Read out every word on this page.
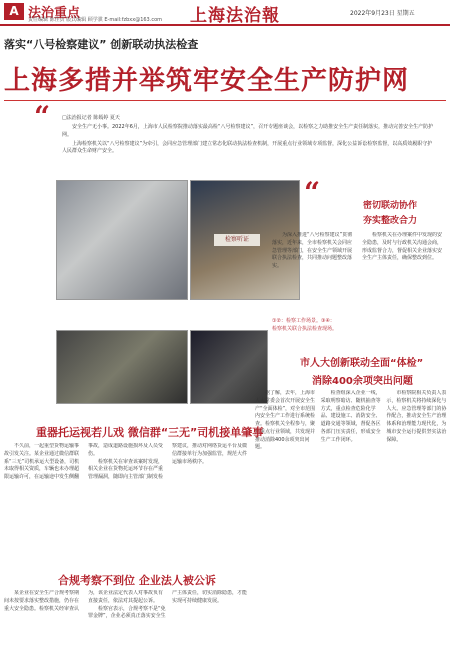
A 法治重点
责任编辑 陈佳贞 版式编辑 顾学骐 E-mail:fzbxx@163.com 上海法治報	2022年9月23日 星期五
落实“八号检察建议” 创新联动执法检查
上海多措并举筑牢安全生产防护网
“ □法治报记者 陈嫣婷 夏天

安全生产无小事。2022年6月，上海市人民检察院推动落实最高检“八号检察建议”，召开专题座谈会，以检察之力助推安全生产责任制落实，推动完善安全生产防护网。

上海检察机关以“八号检察建议”为牵引，会同应急管理部门建立常态化联动执法检查机制，开展重点行业领域专项监督，深化公益诉讼检察监督，以高质效履职守护人民群众生命财产安全。

检察听证
①②：检察工作场景。③④：检察机关联合执法检查现场。
“	密切联动协作
夯实整改合力

为深入推进“八号检察建议”贯彻落实，近年来，全市检察机关会同应急管理等部门，在安全生产领域开展联合执法检查，共同推动问题整改落实。

检察机关在办理案件中发现的安全隐患，及时与行政机关沟通会商，形成监督合力，督促相关企业落实安全生产主体责任，确保整改到位。

市人大创新联动全面“体检”
消除400余项突出问题

据了解，去年，上海市人大常委会首次开展安全生产“全面体检”，对全市范围内安全生产工作进行系统检查。检察机关全程参与，聚焦重点行业领域，共发现并推动消除400余项突出问题。

检查组深入企业一线，采取明察暗访、随机抽查等方式，重点检查危险化学品、建设施工、消防安全、道路交通等领域，督促各区各部门压实责任，形成安全生产工作闭环。

市检察院相关负责人表示，检察机关将持续深化与人大、应急管理等部门的协作配合，推动安全生产治理体系和治理能力现代化，为城市安全运行提供坚实法治保障。

重器托运视若儿戏 微信群“三无”司机接单肇事

不久前，一起重型货物运输事故引发关注。某企业通过微信群联系“三无”司机承运大型设备，司机未取得相关资质，车辆也未办理超限运输许可，在运输途中发生侧翻事故，造成道路设施损坏及人员受伤。

检察机关在审查该案时发现，相关企业在货物托运环节存在严重管理漏洞，随即向主管部门制发检察建议，推动对网络货运平台及微信群接单行为加强监管，规范大件运输市场秩序。

合规考察不到位 企业法人被公诉

某企业在安全生产合规考察期间未按要求落实整改措施，仍存在重大安全隐患。检察机关经审查认为，该企业法定代表人对事故负有直接责任，依法对其提起公诉。

检察官表示，合规考察不是“免罪金牌”，企业必须真正落实安全生产主体责任，切实消除隐患，才能实现可持续健康发展。
